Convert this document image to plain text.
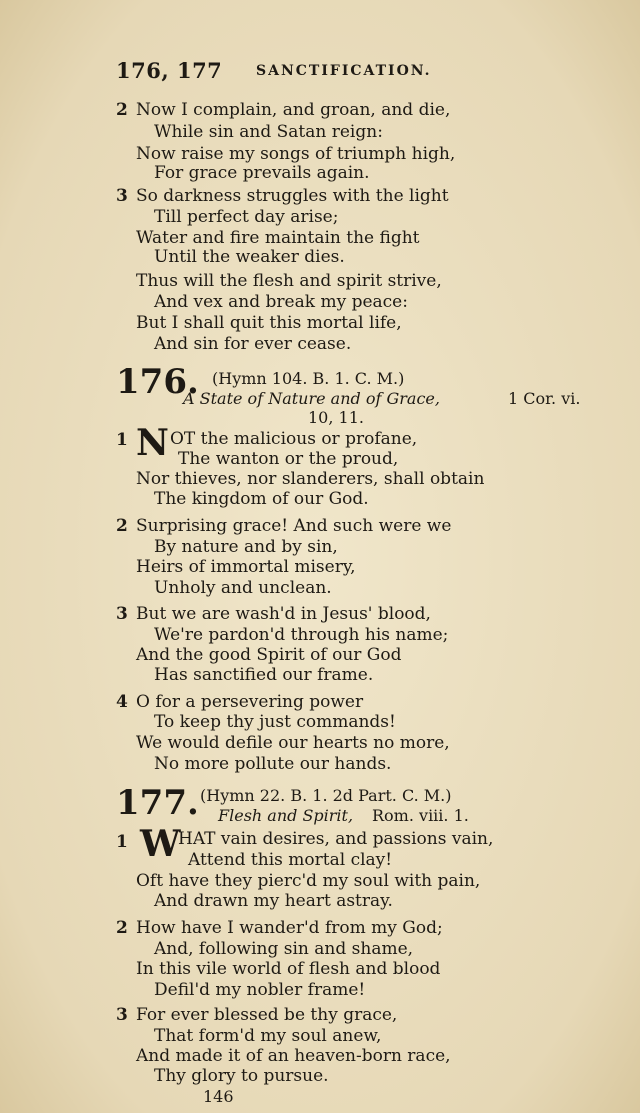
176, 177 SANCTIFICATION.
2 Now I complain, and groan, and die,
While sin and Satan reign:
Now raise my songs of triumph high,
For grace prevails again.
3 So darkness struggles with the light
Till perfect day arise;
Water and fire maintain the fight
Until the weaker dies.
Thus will the flesh and spirit strive,
And vex and break my peace:
But I shall quit this mortal life,
And sin for ever cease.
176. (Hymn 104. B. 1. C. M.)
A State of Nature and of Grace,	1 Cor. vi.
10, 11.
1 N OT the malicious or profane,
The wanton or the proud,
Nor thieves, nor slanderers, shall obtain
The kingdom of our God.
2 Surprising grace! And such were we
By nature and by sin,
Heirs of immortal misery,
Unholy and unclean.
3 But we are wash'd in Jesus' blood,
We're pardon'd through his name;
And the good Spirit of our God
Has sanctified our frame.
4 O for a persevering power
To keep thy just commands!
We would defile our hearts no more,
No more pollute our hands.
177. (Hymn 22. B. 1. 2d Part. C. M.)
Flesh and Spirit, Rom. viii. 1.
1 W
HAT vain desires, and passions vain,
Attend this mortal clay!
Oft have they pierc'd my soul with pain,
And drawn my heart astray.
2 How have I wander'd from my God;
And, following sin and shame,
In this vile world of flesh and blood
Defil'd my nobler frame!
3 For ever blessed be thy grace,
That form'd my soul anew,
And made it of an heaven-born race,
Thy glory to pursue.
146
